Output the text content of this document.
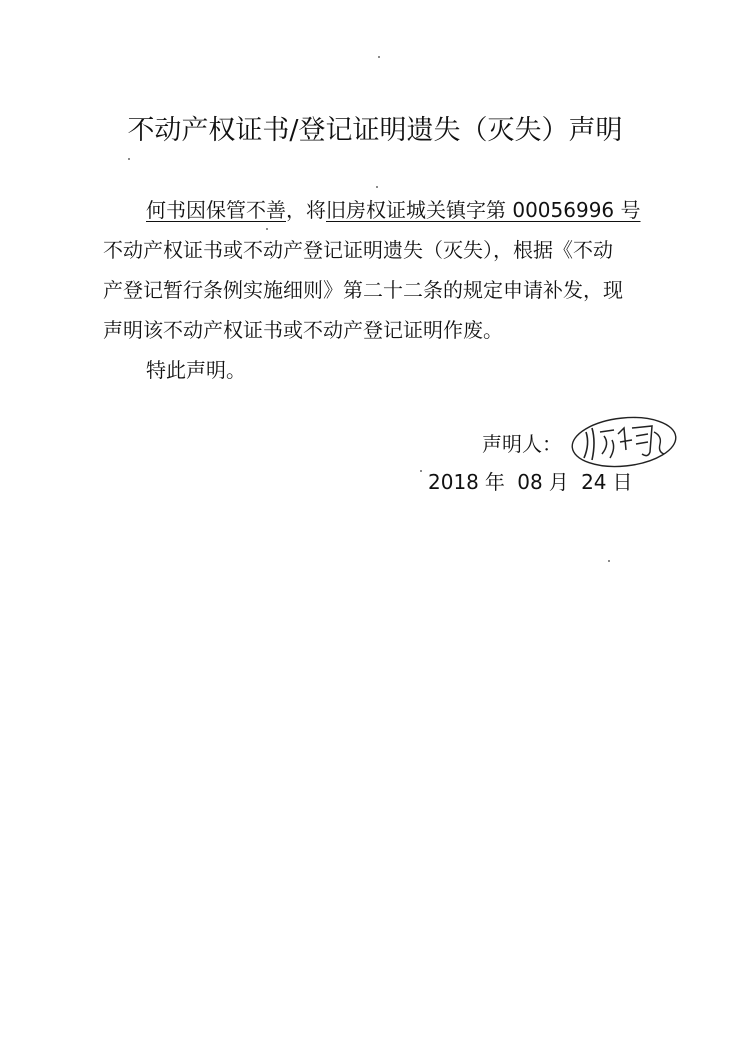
不动产权证书/登记证明遗失（灭失）声明
何书因保管不善，将旧房权证城关镇字第 00056996 号
不动产权证书或不动产登记证明遗失（灭失），根据《不动
产登记暂行条例实施细则》第二十二条的规定申请补发，现
声明该不动产权证书或不动产登记证明作废。
特此声明。
声明人：
2018 年 08 月 24 日
